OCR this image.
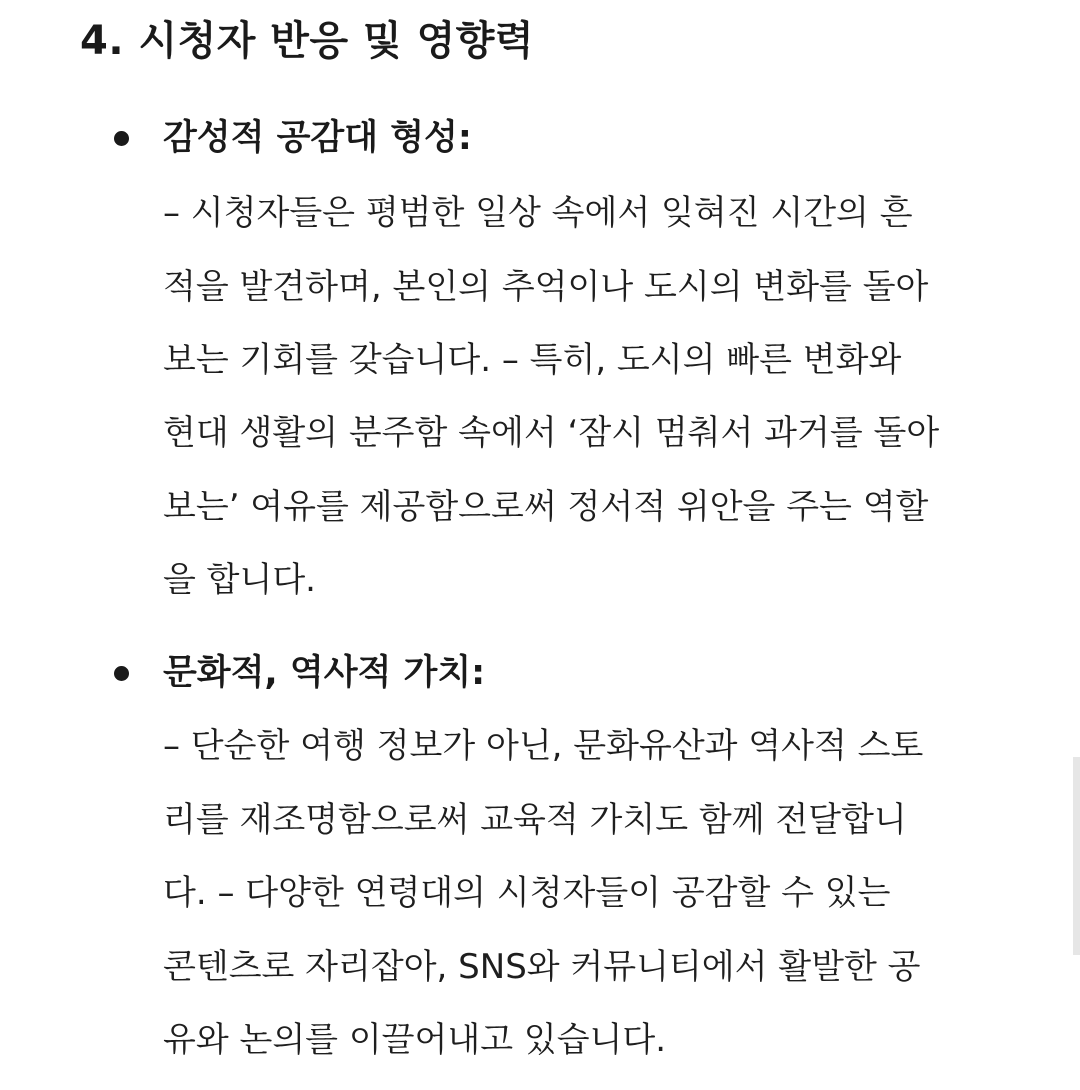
4. 시청자 반응 및 영향력

감성적 공감대 형성:

– 시청자들은 평범한 일상 속에서 잊혀진 시간의 흔

적을 발견하며, 본인의 추억이나 도시의 변화를 돌아

보는 기회를 갖습니다. – 특히, 도시의 빠른 변화와

현대 생활의 분주함 속에서 ‘잠시 멈춰서 과거를 돌아

보는’ 여유를 제공함으로써 정서적 위안을 주는 역할

을 합니다.

문화적, 역사적 가치:

– 단순한 여행 정보가 아닌, 문화유산과 역사적 스토

리를 재조명함으로써 교육적 가치도 함께 전달합니

다. – 다양한 연령대의 시청자들이 공감할 수 있는

콘텐츠로 자리잡아, SNS와 커뮤니티에서 활발한 공

유와 논의를 이끌어내고 있습니다.
